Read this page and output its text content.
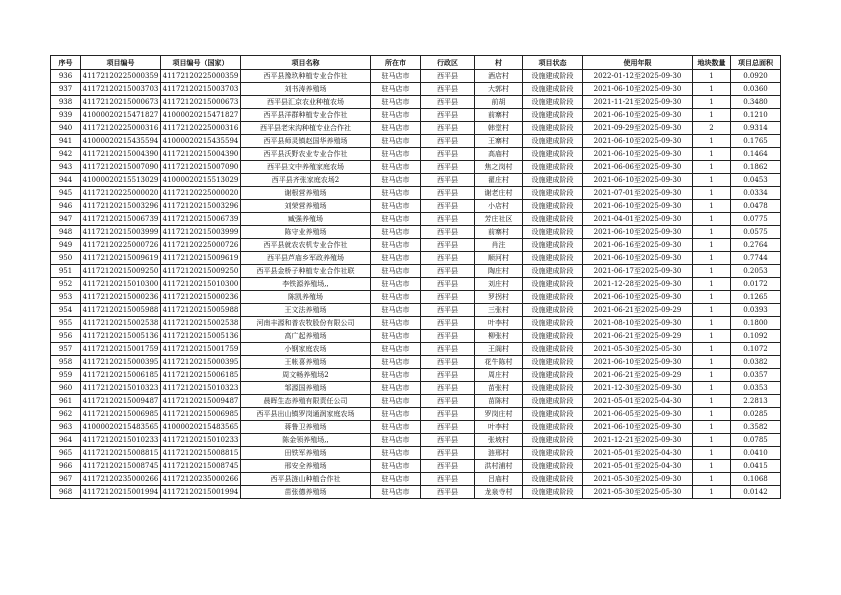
序号	项目编号	项目编号（国家）	项目名称	所在市	行政区	村	项目状态	使用年限	地块数量	项目总面积
936	41172120225000359	41172120225000359	西平县豫玖种植专业合作社	驻马店市	西平县	酒店村	设施建成阶段	2022-01-12至2025-09-30	1	0.0920
937	41172120215003703	41172120215003703	刘书涛养殖场	驻马店市	西平县	大郭村	设施建成阶段	2021-06-10至2025-09-30	1	0.0360
938	41172120215000673	41172120215000673	西平县汇京农业种植农场	驻马店市	西平县	前胡	设施建成阶段	2021-11-21至2025-09-30	1	0.3480
939	41000020215471827	41000020215471827	西平县洋群种植专业合作社	驻马店市	西平县	前寨村	设施建成阶段	2021-06-10至2025-09-30	1	0.1210
940	41172120225000316	41172120225000316	西平县老宋沟种植专业合作社	驻马店市	西平县	韩堂村	设施建成阶段	2021-09-29至2025-09-30	2	0.9314
941	41000020215435594	41000020215435594	西平县师灵镇赵国华养殖场	驻马店市	西平县	王寨村	设施建成阶段	2021-06-10至2025-09-30	1	0.1765
942	41172120215004390	41172120215004390	西平县沃野农业专业合作社	驻马店市	西平县	高庙村	设施建成阶段	2021-06-10至2025-09-30	1	0.1464
943	41172120215007090	41172120215007090	西平县文中养殖家庭农场	驻马店市	西平县	焦之岗村	设施建成阶段	2021-06-06至2025-09-30	1	0.1862
944	41000020215513029	41000020215513029	西平县齐张家庭农场2	驻马店市	西平县	翟庄村	设施建成阶段	2021-06-10至2025-09-30	1	0.0453
945	41172120225000020	41172120225000020	谢根营养殖场	驻马店市	西平县	谢老庄村	设施建成阶段	2021-07-01至2025-09-30	1	0.0334
946	41172120215003296	41172120215003296	刘荣营养殖场	驻马店市	西平县	小店村	设施建成阶段	2021-06-10至2025-09-30	1	0.0478
947	41172120215006739	41172120215006739	臧强养殖场	驻马店市	西平县	芳庄社区	设施建成阶段	2021-04-01至2025-09-30	1	0.0775
948	41172120215003999	41172120215003999	陈守业养殖场	驻马店市	西平县	前寨村	设施建成阶段	2021-06-10至2025-09-30	1	0.0575
949	41172120225000726	41172120225000726	西平县就农农机专业合作社	驻马店市	西平县	肖注	设施建成阶段	2021-06-16至2025-09-30	1	0.2764
950	41172120215009619	41172120215009619	西平县芦庙乡军政养殖场	驻马店市	西平县	顺河村	设施建成阶段	2021-06-10至2025-09-30	1	0.7744
951	41172120215009250	41172120215009250	西平县金桥子种植专业合作社联	驻马店市	西平县	陶庄村	设施建成阶段	2021-06-17至2025-09-30	1	0.2053
952	41172120215010300	41172120215010300	李铁源养殖场,,	驻马店市	西平县	刘庄村	设施建成阶段	2021-12-28至2025-09-30	1	0.0172
953	41172120215000236	41172120215000236	陈凯养殖场	驻马店市	西平县	罗拐村	设施建成阶段	2021-06-10至2025-09-30	1	0.1265
954	41172120215005988	41172120215005988	王文法养殖场	驻马店市	西平县	三张村	设施建成阶段	2021-06-21至2025-09-29	1	0.0393
955	41172120215002538	41172120215002538	河南丰源和普农牧股份有限公司	驻马店市	西平县	叶李村	设施建成阶段	2021-08-10至2025-09-30	1	0.1800
956	41172120215005136	41172120215005136	高广起养殖场	驻马店市	西平县	柳张村	设施建成阶段	2021-06-21至2025-09-29	1	0.1092
957	41172120215001759	41172120215001759	小钢家庭农场	驻马店市	西平县	王阁村	设施建成阶段	2021-05-30至2025-05-30	1	0.1072
958	41172120215000395	41172120215000395	王帐喜养殖场	驻马店市	西平县	花牛陈村	设施建成阶段	2021-06-10至2025-09-30	1	0.0382
959	41172120215006185	41172120215006185	周文畅养殖场2	驻马店市	西平县	周庄村	设施建成阶段	2021-06-21至2025-09-29	1	0.0357
960	41172120215010323	41172120215010323	邹源国养殖场	驻马店市	西平县	苗张村	设施建成阶段	2021-12-30至2025-09-30	1	0.0353
961	41172120215009487	41172120215009487	晨晖生态养殖有限责任公司	驻马店市	西平县	苗陈村	设施建成阶段	2021-05-01至2025-04-30	1	2.2813
962	41172120215006985	41172120215006985	西平县出山镇罗岗通润家庭农场	驻马店市	西平县	罗岗庄村	设施建成阶段	2021-06-05至2025-09-30	1	0.0285
963	41000020215483565	41000020215483565	蒋鲁卫养殖场	驻马店市	西平县	叶李村	设施建成阶段	2021-06-10至2025-09-30	1	0.3582
964	41172120215010233	41172120215010233	陈金领养殖场,,	驻马店市	西平县	张坡村	设施建成阶段	2021-12-21至2025-09-30	1	0.0785
965	41172120215008815	41172120215008815	田铁军养殖场	驻马店市	西平县	涟邢村	设施建成阶段	2021-05-01至2025-04-30	1	0.0410
966	41172120215008745	41172120215008745	邢安全养殖场	驻马店市	西平县	洪村浦村	设施建成阶段	2021-05-01至2025-04-30	1	0.0415
967	41172120235000266	41172120235000266	西平县涟山种植合作社	驻马店市	西平县	吕庙村	设施建成阶段	2021-05-30至2025-09-30	1	0.1068
968	41172120215001994	41172120215001994	苗张德养殖场	驻马店市	西平县	龙泉寺村	设施建成阶段	2021-05-30至2025-05-30	1	0.0142
